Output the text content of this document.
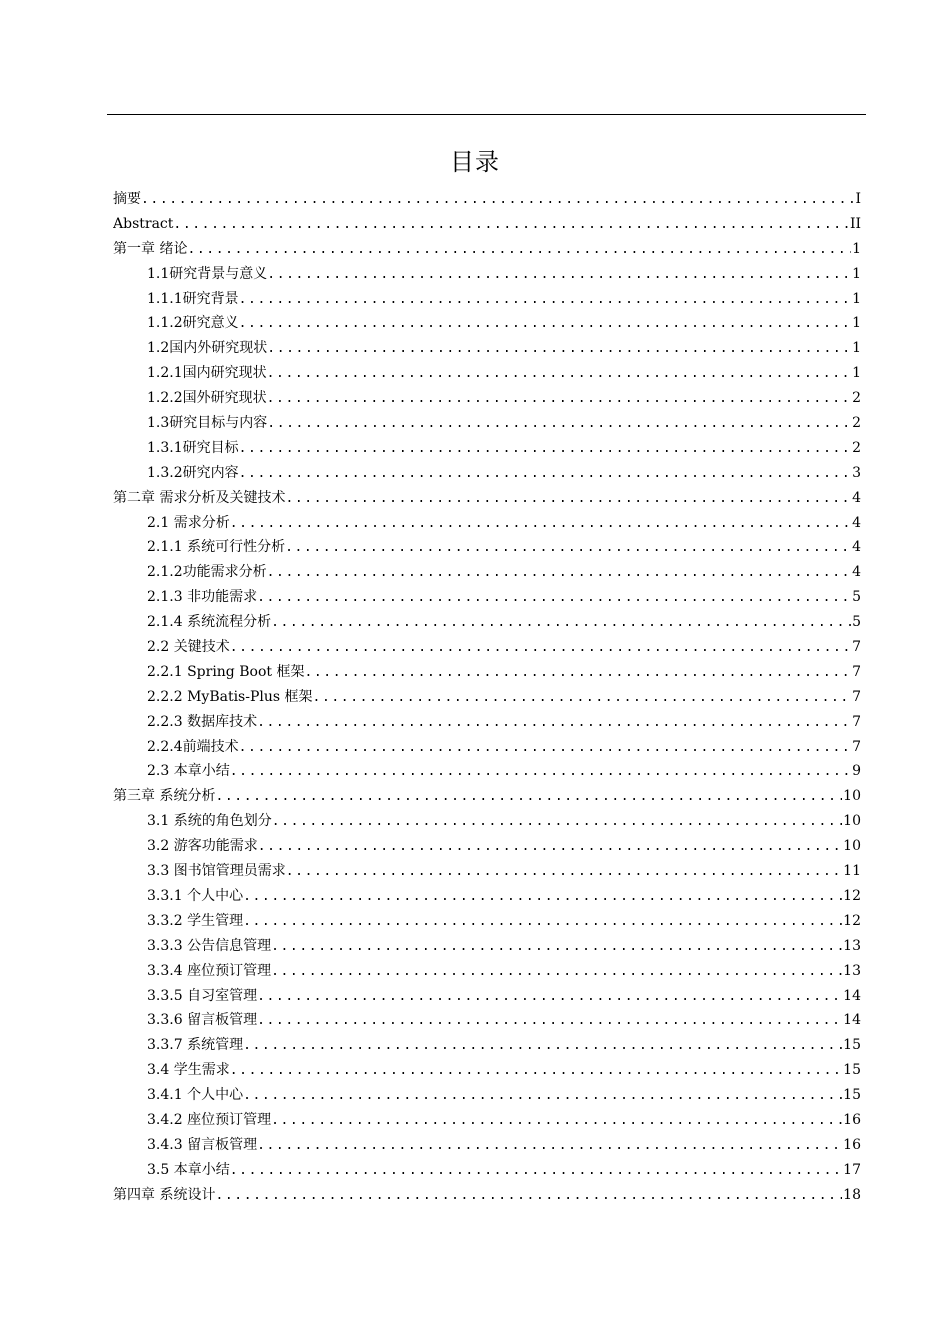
目录
摘要 .....	I
Abstract .....	II
第一章 绪论 .....	1
1.1研究背景与意义 .....	1
1.1.1研究背景 .....	1
1.1.2研究意义 .....	1
1.2国内外研究现状 .....	1
1.2.1国内研究现状 .....	1
1.2.2国外研究现状 .....	2
1.3研究目标与内容 .....	2
1.3.1研究目标 .....	2
1.3.2研究内容 .....	3
第二章 需求分析及关键技术 .....	4
2.1 需求分析 .....	4
2.1.1 系统可行性分析 .....	4
2.1.2功能需求分析 .....	4
2.1.3 非功能需求 .....	5
2.1.4 系统流程分析 .....	5
2.2 关键技术 .....	7
2.2.1 Spring Boot 框架 .....	7
2.2.2 MyBatis-Plus 框架 .....	7
2.2.3 数据库技术 .....	7
2.2.4前端技术 .....	7
2.3 本章小结 .....	9
第三章 系统分析 .....	10
3.1 系统的角色划分 .....	10
3.2 游客功能需求 .....	10
3.3 图书馆管理员需求 .....	11
3.3.1 个人中心 .....	12
3.3.2 学生管理 .....	12
3.3.3 公告信息管理 .....	13
3.3.4 座位预订管理 .....	13
3.3.5 自习室管理 .....	14
3.3.6 留言板管理 .....	14
3.3.7 系统管理 .....	15
3.4 学生需求 .....	15
3.4.1 个人中心 .....	15
3.4.2 座位预订管理 .....	16
3.4.3 留言板管理 .....	16
3.5 本章小结 .....	17
第四章 系统设计 .....	18
